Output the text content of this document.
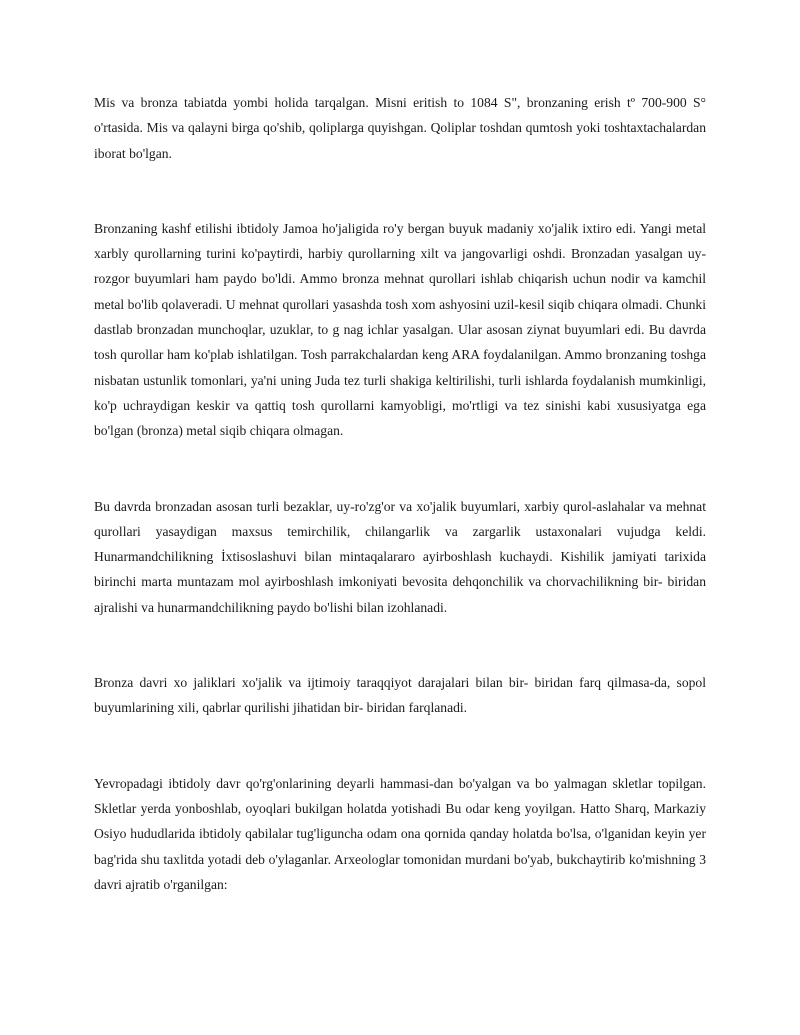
Mis va bronza tabiatda yombi holida tarqalgan. Misni eritish to 1084 S", bronzaning erish tº 700-900 S° o'rtasida. Mis va qalayni birga qo'shib, qoliplarga quyishgan. Qoliplar toshdan qumtosh yoki toshtaxtachalardan iborat bo'lgan.

Bronzaning kashf etilishi ibtidoly Jamoa ho'jaligida ro'y bergan buyuk madaniy xo'jalik ixtiro edi. Yangi metal xarbly qurollarning turini ko'paytirdi, harbiy qurollarning xilt va jangovarligi oshdi. Bronzadan yasalgan uy-rozgor buyumlari ham paydo bo'ldi. Ammo bronza mehnat qurollari ishlab chiqarish uchun nodir va kamchil metal bo'lib qolaveradi. U mehnat qurollari yasashda tosh xom ashyosini uzil-kesil siqib chiqara olmadi. Chunki dastlab bronzadan munchoqlar, uzuklar, to g nag ichlar yasalgan. Ular asosan ziynat buyumlari edi. Bu davrda tosh qurollar ham ko'plab ishlatilgan. Tosh parrakchalardan keng ARA foydalanilgan. Ammo bronzaning toshga nisbatan ustunlik tomonlari, ya'ni uning Juda tez turli shakiga keltirilishi, turli ishlarda foydalanish mumkinligi, ko'p uchraydigan keskir va qattiq tosh qurollarni kamyobligi, mo'rtligi va tez sinishi kabi xususiyatga ega bo'lgan (bronza) metal siqib chiqara olmagan.

Bu davrda bronzadan asosan turli bezaklar, uy-ro'zg'or va xo'jalik buyumlari, xarbiy qurol-aslahalar va mehnat qurollari yasaydigan maxsus temirchilik, chilangarlik va zargarlik ustaxonalari vujudga keldi. Hunarmandchilikning İxtisoslashuvi bilan mintaqalararo ayirboshlash kuchaydi. Kishilik jamiyati tarixida birinchi marta muntazam mol ayirboshlash imkoniyati bevosita dehqonchilik va chorvachilikning bir- biridan ajralishi va hunarmandchilikning paydo bo'lishi bilan izohlanadi.

Bronza davri xo jaliklari xo'jalik va ijtimoiy taraqqiyot darajalari bilan bir- biridan farq qilmasa-da, sopol buyumlarining xili, qabrlar qurilishi jihatidan bir- biridan farqlanadi.

Yevropadagi ibtidoly davr qo'rg'onlarining deyarli hammasi-dan bo'yalgan va bo yalmagan skletlar topilgan. Skletlar yerda yonboshlab, oyoqlari bukilgan holatda yotishadi Bu odar keng yoyilgan. Hatto Sharq, Markaziy Osiyo hududlarida ibtidoly qabilalar tug'liguncha odam ona qornida qanday holatda bo'lsa, o'lganidan keyin yer bag'rida shu taxlitda yotadi deb o'ylaganlar. Arxeologlar tomonidan murdani bo'yab, bukchaytirib ko'mishning 3 davri ajratib o'rganilgan:
